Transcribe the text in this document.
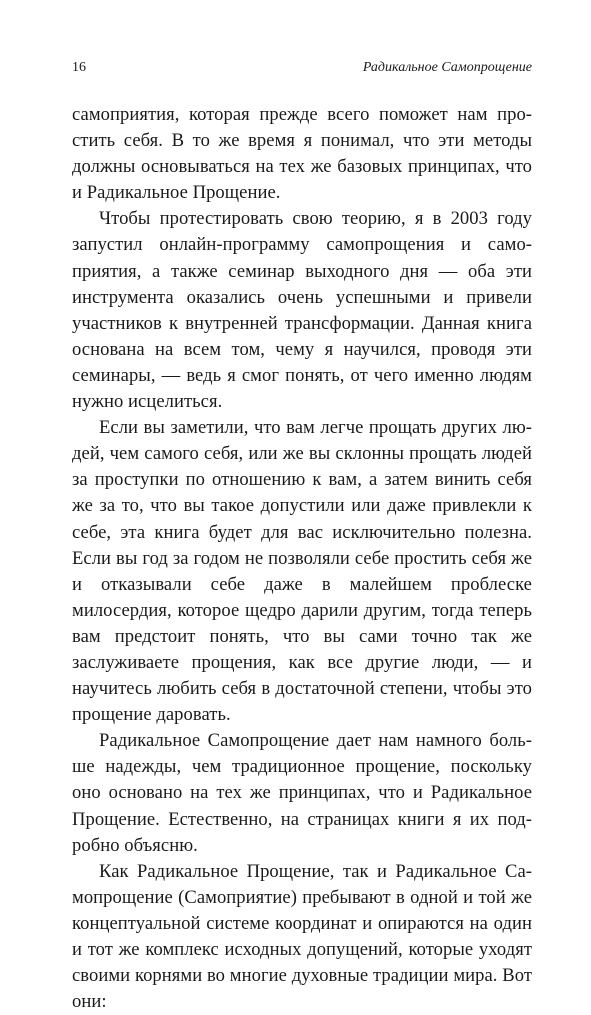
16	Радикальное Самопрощение

самоприятия, которая прежде всего поможет нам простить себя. В то же время я понимал, что эти методы должны основываться на тех же базовых принципах, что и Радикальное Прощение.

Чтобы протестировать свою теорию, я в 2003 году запустил онлайн-программу самопрощения и самоприятия, а также семинар выходного дня — оба эти инструмента оказались очень успешными и привели участников к внутренней трансформации. Данная книга основана на всем том, чему я научился, проводя эти семинары, — ведь я смог понять, от чего именно людям нужно исцелиться.

Если вы заметили, что вам легче прощать других людей, чем самого себя, или же вы склонны прощать людей за проступки по отношению к вам, а затем винить себя же за то, что вы такое допустили или даже привлекли к себе, эта книга будет для вас исключительно полезна. Если вы год за годом не позволяли себе простить себя же и отказывали себе даже в малейшем проблеске милосердия, которое щедро дарили другим, тогда теперь вам предстоит понять, что вы сами точно так же заслуживаете прощения, как все другие люди, — и научитесь любить себя в достаточной степени, чтобы это прощение даровать.

Радикальное Самопрощение дает нам намного больше надежды, чем традиционное прощение, поскольку оно основано на тех же принципах, что и Радикальное Прощение. Естественно, на страницах книги я их подробно объясню.

Как Радикальное Прощение, так и Радикальное Самопрощение (Самоприятие) пребывают в одной и той же концептуальной системе координат и опираются на один и тот же комплекс исходных допущений, которые уходят своими корнями во многие духовные традиции мира. Вот они:
